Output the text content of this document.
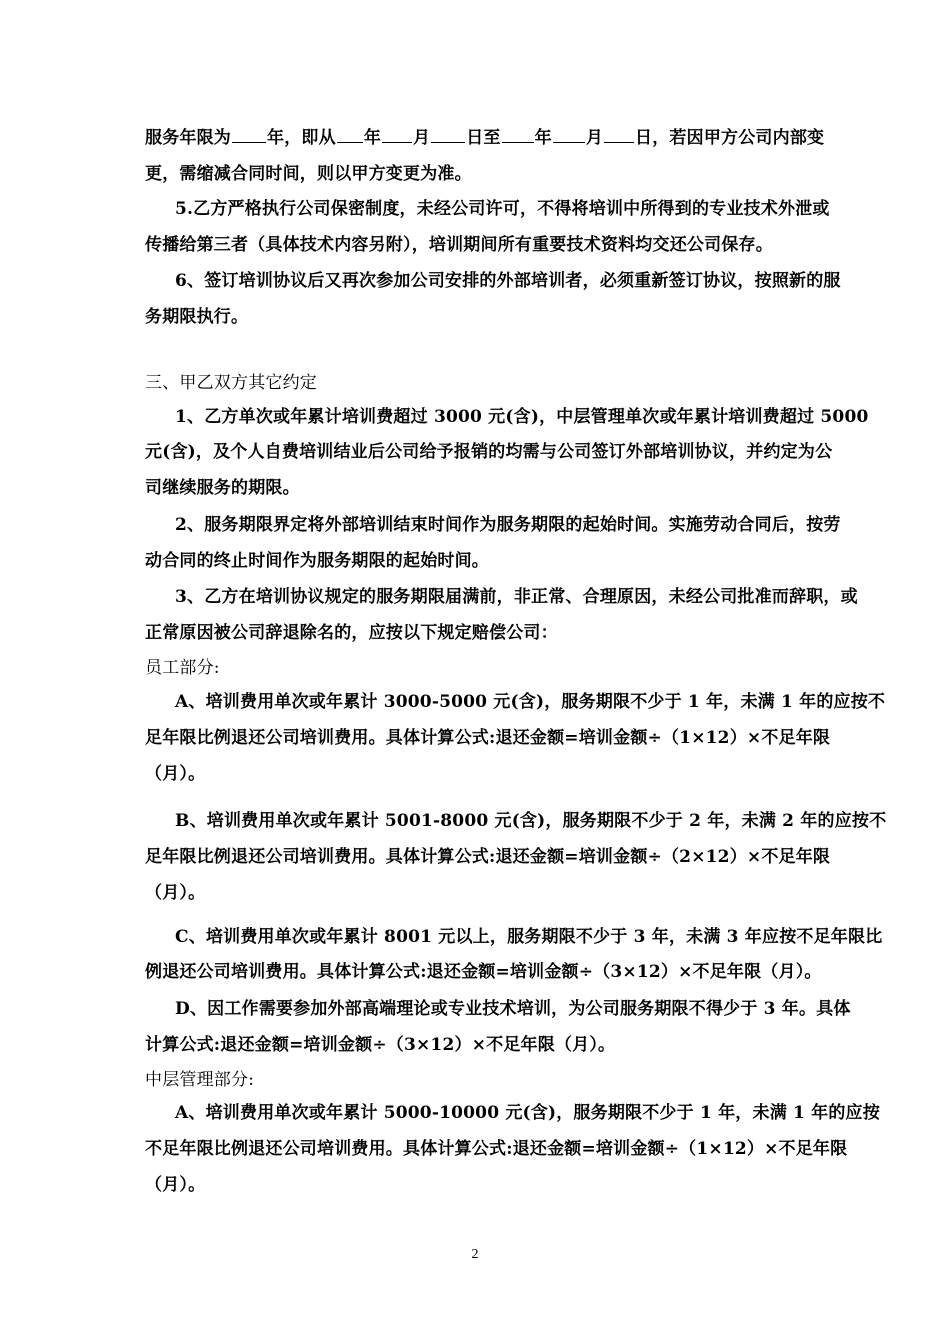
服务年限为 年，即从 年 月 日至 年 月 日，若因甲方公司内部变
更，需缩减合同时间，则以甲方变更为准。
5.乙方严格执行公司保密制度，未经公司许可，不得将培训中所得到的专业技术外泄或
传播给第三者（具体技术内容另附），培训期间所有重要技术资料均交还公司保存。
6、签订培训协议后又再次参加公司安排的外部培训者，必须重新签订协议，按照新的服
务期限执行。
三、甲乙双方其它约定
1、乙方单次或年累计培训费超过 3000 元(含)，中层管理单次或年累计培训费超过 5000
元(含)，及个人自费培训结业后公司给予报销的均需与公司签订外部培训协议，并约定为公
司继续服务的期限。
2、服务期限界定将外部培训结束时间作为服务期限的起始时间。实施劳动合同后，按劳
动合同的终止时间作为服务期限的起始时间。
3、乙方在培训协议规定的服务期限届满前，非正常、合理原因，未经公司批准而辞职，或
正常原因被公司辞退除名的，应按以下规定赔偿公司：
员工部分:
A、培训费用单次或年累计 3000-5000 元(含)，服务期限不少于 1 年，未满 1 年的应按不
足年限比例退还公司培训费用。具体计算公式:退还金额=培训金额÷（1×12）×不足年限
（月）。
B、培训费用单次或年累计 5001-8000 元(含)，服务期限不少于 2 年，未满 2 年的应按不
足年限比例退还公司培训费用。具体计算公式:退还金额=培训金额÷（2×12）×不足年限
（月）。
C、培训费用单次或年累计 8001 元以上，服务期限不少于 3 年，未满 3 年应按不足年限比
例退还公司培训费用。具体计算公式:退还金额=培训金额÷（3×12）×不足年限（月）。
D、因工作需要参加外部高端理论或专业技术培训，为公司服务期限不得少于 3 年。具体
计算公式:退还金额=培训金额÷（3×12）×不足年限（月）。
中层管理部分:
A、培训费用单次或年累计 5000-10000 元(含)，服务期限不少于 1 年，未满 1 年的应按
不足年限比例退还公司培训费用。具体计算公式:退还金额=培训金额÷（1×12）×不足年限
（月）。
2
